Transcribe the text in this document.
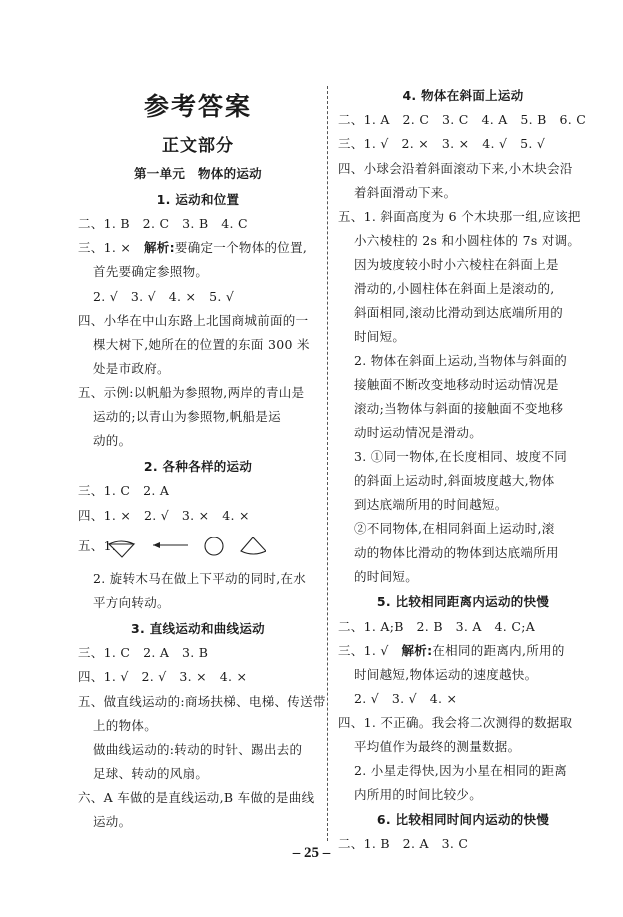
参考答案
正文部分
第一单元　物体的运动
1. 运动和位置
二、1. B　2. C　3. B　4. C
三、1. ×　解析:要确定一个物体的位置,
首先要确定参照物。
2. √　3. √　4. ×　5. √
四、小华在中山东路上北国商城前面的一
棵大树下,她所在的位置的东面 300 米
处是市政府。
五、示例:以帆船为参照物,两岸的青山是
运动的;以青山为参照物,帆船是运
动的。
2. 各种各样的运动
三、1. C　2. A
四、1. ×　2. √　3. ×　4. ×
五、1.
2. 旋转木马在做上下平动的同时,在水
平方向转动。
3. 直线运动和曲线运动
三、1. C　2. A　3. B
四、1. √　2. √　3. ×　4. ×
五、做直线运动的:商场扶梯、电梯、传送带
上的物体。
做曲线运动的:转动的时针、踢出去的
足球、转动的风扇。
六、A 车做的是直线运动,B 车做的是曲线
运动。
4. 物体在斜面上运动
二、1. A　2. C　3. C　4. A　5. B　6. C
三、1. √　2. ×　3. ×　4. √　5. √
四、小球会沿着斜面滚动下来,小木块会沿
着斜面滑动下来。
五、1. 斜面高度为 6 个木块那一组,应该把
小六棱柱的 2s 和小圆柱体的 7s 对调。
因为坡度较小时小六棱柱在斜面上是
滑动的,小圆柱体在斜面上是滚动的,
斜面相同,滚动比滑动到达底端所用的
时间短。
2. 物体在斜面上运动,当物体与斜面的
接触面不断改变地移动时运动情况是
滚动;当物体与斜面的接触面不变地移
动时运动情况是滑动。
3. ①同一物体,在长度相同、坡度不同
的斜面上运动时,斜面坡度越大,物体
到达底端所用的时间越短。
②不同物体,在相同斜面上运动时,滚
动的物体比滑动的物体到达底端所用
的时间短。
5. 比较相同距离内运动的快慢
二、1. A;B　2. B　3. A　4. C;A
三、1. √　解析:在相同的距离内,所用的
时间越短,物体运动的速度越快。
2. √　3. √　4. ×
四、1. 不正确。我会将二次测得的数据取
平均值作为最终的测量数据。
2. 小星走得快,因为小星在相同的距离
内所用的时间比较少。
6. 比较相同时间内运动的快慢
二、1. B　2. A　3. C
– 25 –
